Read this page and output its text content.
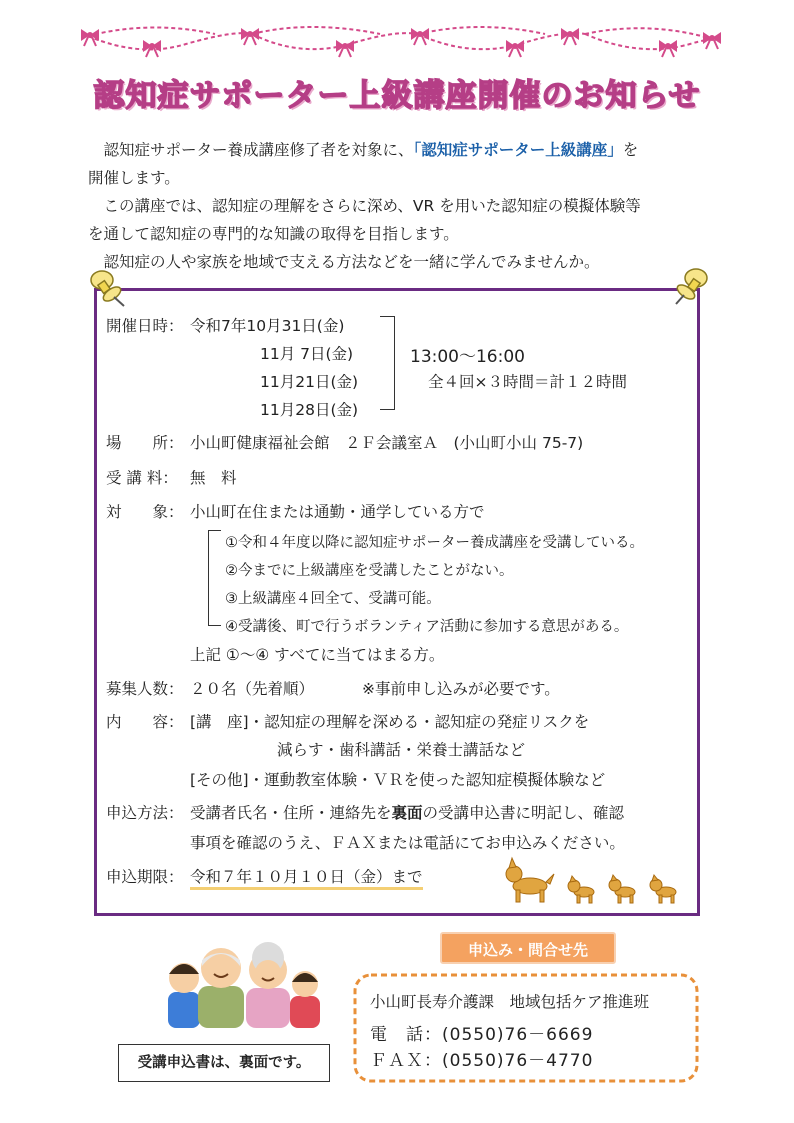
認知症サポーター上級講座開催のお知らせ

　認知症サポーター養成講座修了者を対象に、「認知症サポーター上級講座」を

開催します。

　この講座では、認知症の理解をさらに深め、VR を用いた認知症の模擬体験等

を通して認知症の専門的な知識の取得を目指します。

　認知症の人や家族を地域で支える方法などを一緒に学んでみませんか。

開催日時： 令和7年10月31日(金)
11月 7日(金)
11月21日(金)
11月28日(金)
13:00～16:00
全４回×３時間＝計１２時間
場　　所： 小山町健康福祉会館　２Ｆ会議室Ａ　(小山町小山 75-7)
受 講 料： 無　料
対　　象： 小山町在住または通勤・通学している方で
①令和４年度以降に認知症サポーター養成講座を受講している。
②今までに上級講座を受講したことがない。
③上級講座４回全て、受講可能。
④受講後、町で行うボランティア活動に参加する意思がある。
上記 ①～④ すべてに当てはまる方。
募集人数： ２０名（先着順）	※事前申し込みが必要です。
内　　容： [講　座]・認知症の理解を深める・認知症の発症リスクを
減らす・歯科講話・栄養士講話など
[その他]・運動教室体験・ＶＲを使った認知症模擬体験など
申込方法： 受講者氏名・住所・連絡先を裏面の受講申込書に明記し、確認
事項を確認のうえ、ＦＡＸまたは電話にてお申込みください。
申込期限： 令和７年１０月１０日（金）まで
受講申込書は、裏面です。
申込み・問合せ先
小山町長寿介護課　地域包括ケア推進班
電　話：(0550)76－6669
ＦＡＸ：(0550)76－4770
